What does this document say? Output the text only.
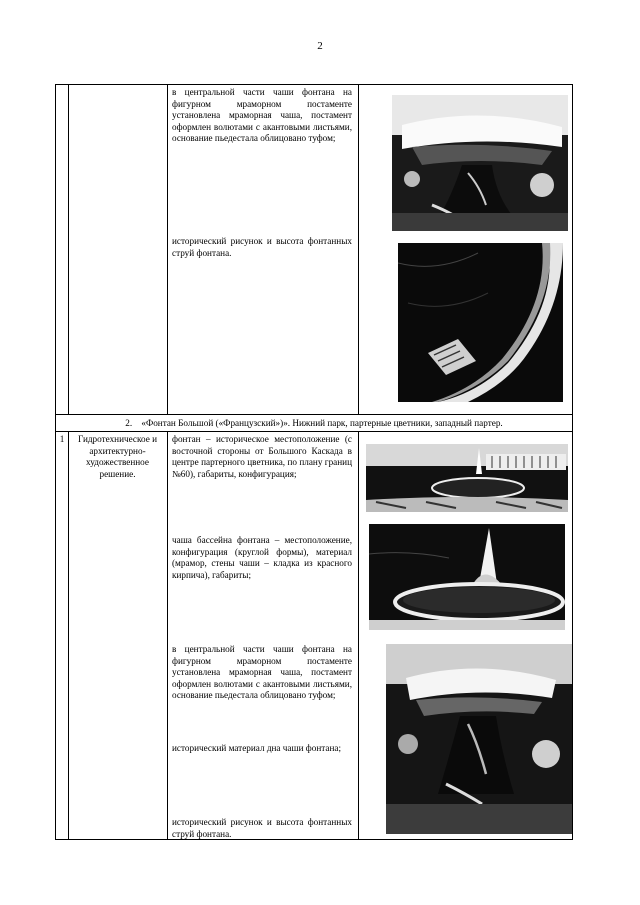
2
в центральной части чаши фонтана на фигурном мраморном постаменте установлена мраморная чаша, постамент оформлен волютами с акантовыми листьями, основание пьедестала облицовано туфом;
исторический рисунок и высота фонтанных струй фонтана.
2.    «Фонтан Большой («Французский»)». Нижний парк, партерные цветники, западный партер.
1	Гидротехническое и архитектурно-художественное решение.
фонтан – историческое местоположение (с восточной стороны от Большого Каскада в центре партерного цветника, по плану границ №60), габариты, конфигурация;
чаша бассейна фонтана – местоположение, конфигурация (круглой формы), материал (мрамор, стены чаши – кладка из красного кирпича), габариты;
в центральной части чаши фонтана на фигурном мраморном постаменте установлена мраморная чаша, постамент оформлен волютами с акантовыми листьями, основание пьедестала облицовано туфом;
исторический материал дна чаши фонтана;
исторический рисунок и высота фонтанных струй фонтана.
